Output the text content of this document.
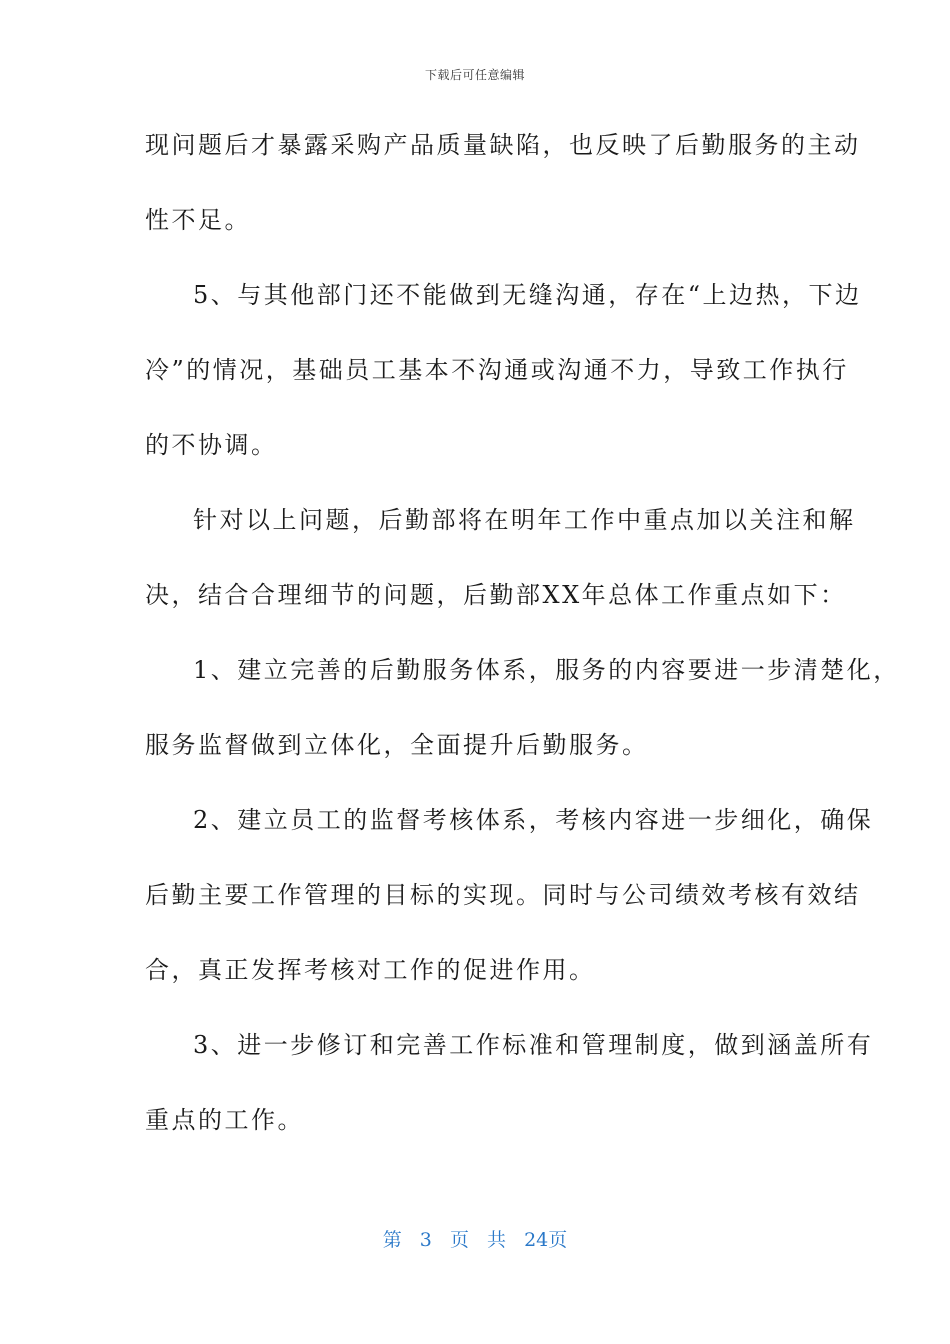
下载后可任意编辑
现问题后才暴露采购产品质量缺陷，也反映了后勤服务的主动
性不足。
5、与其他部门还不能做到无缝沟通，存在“上边热，下边
冷”的情况，基础员工基本不沟通或沟通不力，导致工作执行
的不协调。
针对以上问题，后勤部将在明年工作中重点加以关注和解
决，结合合理细节的问题，后勤部XX年总体工作重点如下：
1、建立完善的后勤服务体系，服务的内容要进一步清楚化，
服务监督做到立体化，全面提升后勤服务。
2、建立员工的监督考核体系，考核内容进一步细化，确保
后勤主要工作管理的目标的实现。同时与公司绩效考核有效结
合，真正发挥考核对工作的促进作用。
3、进一步修订和完善工作标准和管理制度，做到涵盖所有
重点的工作。
第 3 页 共 24页
